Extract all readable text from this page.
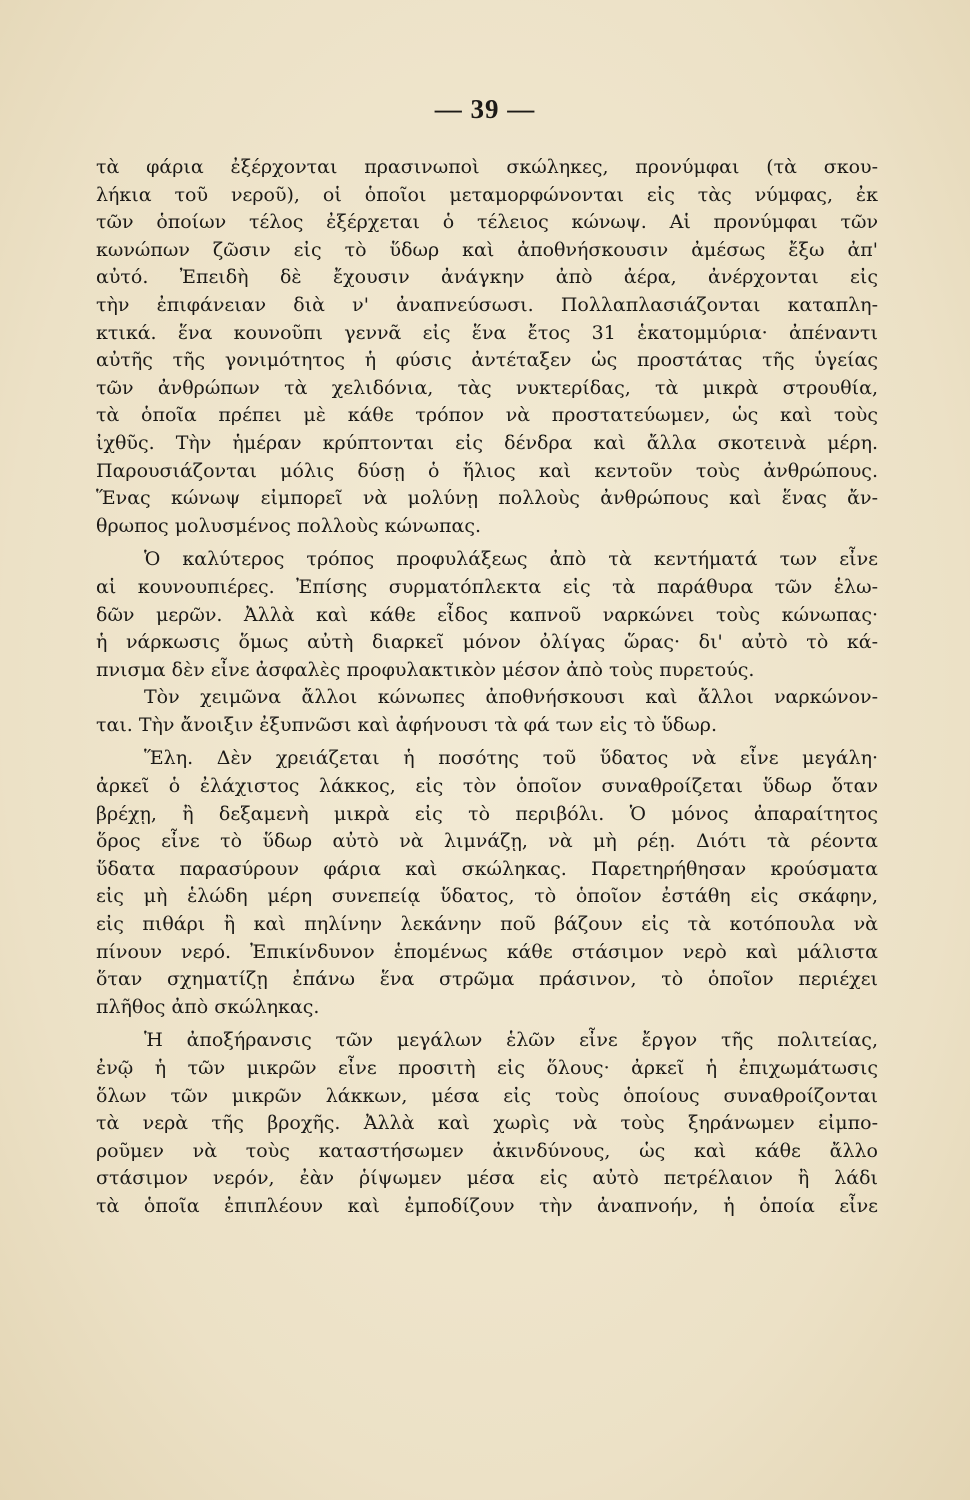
— 39 —
τὰ φάρια ἐξέρχονται πρασινωποὶ σκώληκες, προνύμφαι (τὰ σκου-
λήκια τοῦ νεροῦ), οἱ ὁποῖοι μεταμορφώνονται εἰς τὰς νύμφας, ἐκ
τῶν ὁποίων τέλος ἐξέρχεται ὁ τέλειος κώνωψ. Αἱ προνύμφαι τῶν
κωνώπων ζῶσιν εἰς τὸ ὕδωρ καὶ ἀποθνήσκουσιν ἀμέσως ἔξω ἀπ'
αὐτό. Ἐπειδὴ δὲ ἔχουσιν ἀνάγκην ἀπὸ ἀέρα, ἀνέρχονται εἰς
τὴν ἐπιφάνειαν διὰ ν' ἀναπνεύσωσι. Πολλαπλασιάζονται καταπλη-
κτικά. ἕνα κουνοῦπι γεννᾶ εἰς ἕνα ἔτος 31 ἑκατομμύρια· ἀπέναντι
αὐτῆς τῆς γονιμότητος ἡ φύσις ἀντέταξεν ὡς προστάτας τῆς ὑγείας
τῶν ἀνθρώπων τὰ χελιδόνια, τὰς νυκτερίδας, τὰ μικρὰ στρουθία,
τὰ ὁποῖα πρέπει μὲ κάθε τρόπον νὰ προστατεύωμεν, ὡς καὶ τοὺς
ἰχθῦς. Τὴν ἡμέραν κρύπτονται εἰς δένδρα καὶ ἄλλα σκοτεινὰ μέρη.
Παρουσιάζονται μόλις δύσῃ ὁ ἥλιος καὶ κεντοῦν τοὺς ἀνθρώπους.
Ἕνας κώνωψ εἰμπορεῖ νὰ μολύνῃ πολλοὺς ἀνθρώπους καὶ ἕνας ἄν-
θρωπος μολυσμένος πολλοὺς κώνωπας.
Ὁ καλύτερος τρόπος προφυλάξεως ἀπὸ τὰ κεντήματά των εἶνε
αἱ κουνουπιέρες. Ἐπίσης συρματόπλεκτα εἰς τὰ παράθυρα τῶν ἑλω-
δῶν μερῶν. Ἀλλὰ καὶ κάθε εἶδος καπνοῦ ναρκώνει τοὺς κώνωπας·
ἡ νάρκωσις ὅμως αὐτὴ διαρκεῖ μόνον ὀλίγας ὥρας· δι' αὐτὸ τὸ κά-
πνισμα δὲν εἶνε ἀσφαλὲς προφυλακτικὸν μέσον ἀπὸ τοὺς πυρετούς.
Τὸν χειμῶνα ἄλλοι κώνωπες ἀποθνήσκουσι καὶ ἄλλοι ναρκώνον-
ται. Τὴν ἄνοιξιν ἐξυπνῶσι καὶ ἀφήνουσι τὰ φά των εἰς τὸ ὕδωρ.
Ἕλη. Δὲν χρειάζεται ἡ ποσότης τοῦ ὕδατος νὰ εἶνε μεγάλη·
ἀρκεῖ ὁ ἐλάχιστος λάκκος, εἰς τὸν ὁποῖον συναθροίζεται ὕδωρ ὅταν
βρέχῃ, ἢ δεξαμενὴ μικρὰ εἰς τὸ περιβόλι. Ὁ μόνος ἀπαραίτητος
ὅρος εἶνε τὸ ὕδωρ αὐτὸ νὰ λιμνάζῃ, νὰ μὴ ρέῃ. Διότι τὰ ρέοντα
ὕδατα παρασύρουν φάρια καὶ σκώληκας. Παρετηρήθησαν κρούσματα
εἰς μὴ ἑλώδη μέρη συνεπείᾳ ὕδατος, τὸ ὁποῖον ἐστάθη εἰς σκάφην,
εἰς πιθάρι ἢ καὶ πηλίνην λεκάνην ποῦ βάζουν εἰς τὰ κοτόπουλα νὰ
πίνουν νερό. Ἐπικίνδυνον ἑπομένως κάθε στάσιμον νερὸ καὶ μάλιστα
ὅταν σχηματίζῃ ἐπάνω ἕνα στρῶμα πράσινον, τὸ ὁποῖον περιέχει
πλῆθος ἀπὸ σκώληκας.
Ἡ ἀποξήρανσις τῶν μεγάλων ἑλῶν εἶνε ἔργον τῆς πολιτείας,
ἐνῷ ἡ τῶν μικρῶν εἶνε προσιτὴ εἰς ὅλους· ἀρκεῖ ἡ ἐπιχωμάτωσις
ὅλων τῶν μικρῶν λάκκων, μέσα εἰς τοὺς ὁποίους συναθροίζονται
τὰ νερὰ τῆς βροχῆς. Ἀλλὰ καὶ χωρὶς νὰ τοὺς ξηράνωμεν εἰμπο-
ροῦμεν νὰ τοὺς καταστήσωμεν ἀκινδύνους, ὡς καὶ κάθε ἄλλο
στάσιμον νερόν, ἐὰν ῥίψωμεν μέσα εἰς αὐτὸ πετρέλαιον ἢ λάδι
τὰ ὁποῖα ἐπιπλέουν καὶ ἐμποδίζουν τὴν ἀναπνοήν, ἡ ὁποία εἶνε
